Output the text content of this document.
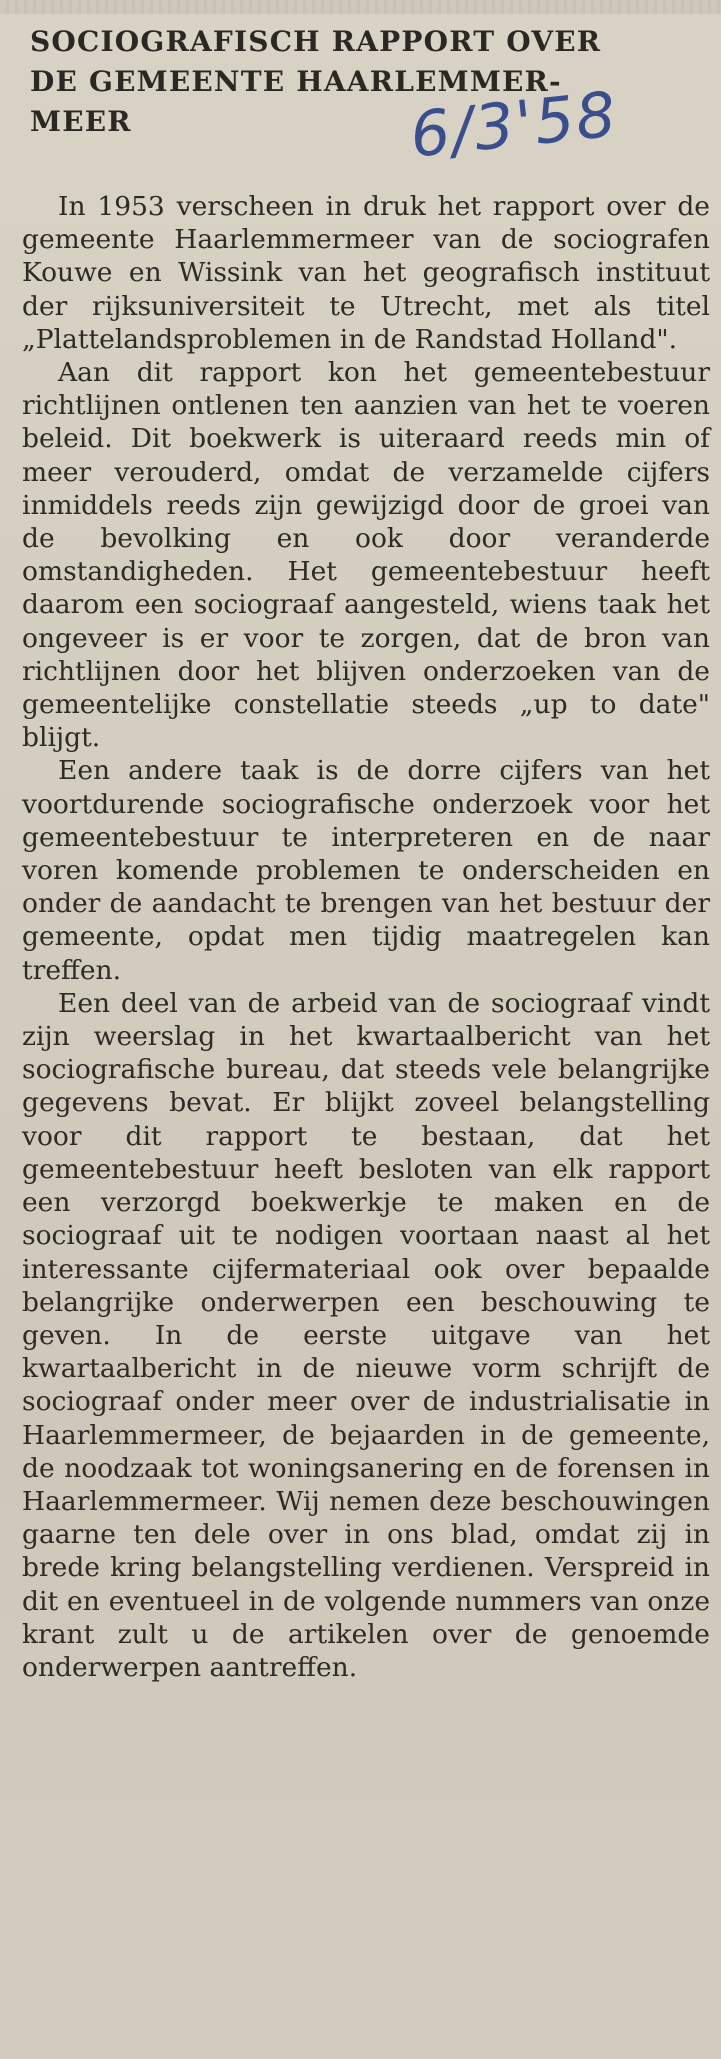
SOCIOGRAFISCH RAPPORT OVER
DE GEMEENTE HAARLEMMER-
MEER	6/3'58

In 1953 verscheen in druk het rapport over de gemeente Haarlemmermeer van de sociografen Kouwe en Wissink van het geografisch instituut der rijksuniversiteit te Utrecht, met als titel „Plattelandsproblemen in de Randstad Holland".

Aan dit rapport kon het gemeentebestuur richtlijnen ontlenen ten aanzien van het te voeren beleid. Dit boekwerk is uiteraard reeds min of meer verouderd, omdat de verzamelde cijfers inmiddels reeds zijn gewijzigd door de groei van de bevolking en ook door veranderde omstandigheden. Het gemeentebestuur heeft daarom een sociograaf aangesteld, wiens taak het ongeveer is er voor te zorgen, dat de bron van richtlijnen door het blijven onderzoeken van de gemeentelijke constellatie steeds „up to date" blijgt.

Een andere taak is de dorre cijfers van het voortdurende sociografische onderzoek voor het gemeentebestuur te interpreteren en de naar voren komende problemen te onderscheiden en onder de aandacht te brengen van het bestuur der gemeente, opdat men tijdig maatregelen kan treffen.

Een deel van de arbeid van de sociograaf vindt zijn weerslag in het kwartaalbericht van het sociografische bureau, dat steeds vele belangrijke gegevens bevat. Er blijkt zoveel belangstelling voor dit rapport te bestaan, dat het gemeentebestuur heeft besloten van elk rapport een verzorgd boekwerkje te maken en de sociograaf uit te nodigen voortaan naast al het interessante cijfermateriaal ook over bepaalde belangrijke onderwerpen een beschouwing te geven. In de eerste uitgave van het kwartaalbericht in de nieuwe vorm schrijft de sociograaf onder meer over de industrialisatie in Haarlemmermeer, de bejaarden in de gemeente, de noodzaak tot woningsanering en de forensen in Haarlemmermeer. Wij nemen deze beschouwingen gaarne ten dele over in ons blad, omdat zij in brede kring belangstelling verdienen. Verspreid in dit en eventueel in de volgende nummers van onze krant zult u de artikelen over de genoemde onderwerpen aantreffen.
